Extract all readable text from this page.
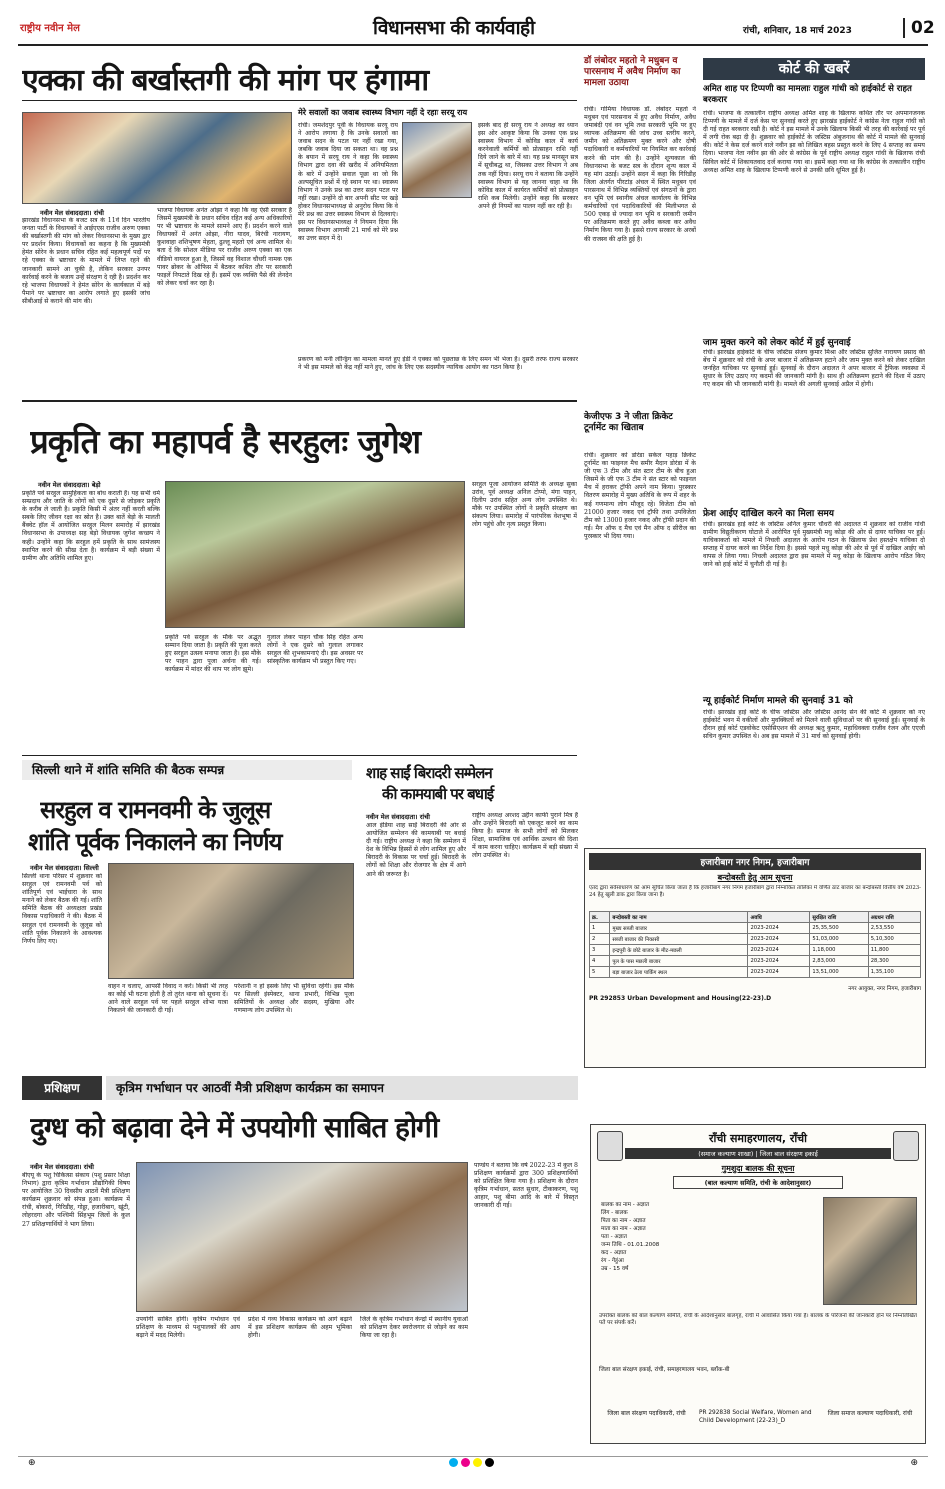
राष्ट्रीय नवीन मेल	विधानसभा की कार्यवाही	रांची, शनिवार, 18 मार्च 2023	02
एक्का की बर्खास्तगी की मांग पर हंगामा
मेरे सवालों का जवाब स्वास्थ्य विभाग नहीं दे रहाः सरयू राय
नवीन मेल संवाददाता। रांची
झारखंड विधानसभा के बजट सत्र के 11वें दिन भारतीय जनता पार्टी के विधायकों ने आईएएस राजीव अरुण एक्का की बर्खास्तगी की मांग को लेकर विधानसभा के मुख्य द्वार पर प्रदर्शन किया। विधायकों का कहना है कि मुख्यमंत्री हेमंत सोरेन के प्रधान सचिव रहित कई महत्वपूर्ण पदों पर रहे एक्का के भ्रष्टाचार के मामले में लिप्त रहने की जानकारी सामने आ चुकी है, लेकिन सरकार उनपर कार्रवाई करने के बजाय उन्हें संरक्षण दे रही है। प्रदर्शन कर रहे भाजपा विधायकों ने हेमंत सोरेन के कार्यकाल में बड़े पैमाने पर भ्रष्टाचार का आरोप लगाते हुए इसकी जांच सीबीआई से कराने की मांग की।
भाजपा विधायक अनंत ओझा ने कहा कि वह ऐसी सरकार है जिसमें मुख्यमंत्री के प्रधान सचिव रहित कई अन्य अधिकारियों पर भी भ्रष्टाचार के मामले सामने आए हैं। प्रदर्शन करने वाले विधायकों में अनंत ओझा, नीरा यादव, बिरंची नारायण, कुशवाहा शशिभूषण मेहता, ढुल्लू महतो एवं अन्य शामिल थे। बता दें कि सोशल मीडिया पर राजीव अरुण एक्का का एक वीडियो वायरल हुआ है, जिसमें वह विशाल चौधरी नामक एक पावर ब्रोकर के ऑफिस में बैठकर कथित तौर पर सरकारी फाइलें निपटाते दिख रहे हैं। इसमें एक व्यक्ति पैसे की लेनदेन को लेकर चर्चा कर रहा है।
रांची। जमशेदपुर पूर्वी के विधायक सरयू राय ने आरोप लगाया है कि उनके सवालों का जवाब सदन के पटल पर नहीं रखा गया, जबकि जवाब दिया जा सकता था। वह प्रश्न के बयान में सरयू राय ने कहा कि स्वास्थ्य विभाग द्वारा दवा की खरीद में अनियमितता के बारे में उन्होंने सवाल पूछा था जो कि अल्पसूचित प्रश्नों में रहे स्थान पर था। स्वास्थ्य विभाग ने उनके प्रश्न का उत्तर सदन पटल पर नहीं रखा। उन्होंने दो बार अपनी सीट पर खड़े होकर विधानसभाध्यक्ष से अनुरोध किया कि वे मेरे प्रश्न का उत्तर स्वास्थ्य विभाग से दिलवाएं। इस पर विधानसभाध्यक्ष ने नियमन दिया कि स्वास्थ्य विभाग आगामी 21 मार्च को मेरे प्रश्न का उत्तर सदन में दे।
इसके बाद ही सरयू राय ने अध्यक्ष का ध्यान इस ओर आकृष्ट किया कि उनका एक प्रश्न स्वास्थ्य विभाग में कोविड काल में कार्य करनेवाली कर्मियों को प्रोत्साहन राशि नहीं दिये जाने के बारे में था। यह प्रश्न मानसून सत्र में सूचीबद्ध था, जिसका उत्तर विभाग ने अब तक नहीं दिया। सरयू राय ने बताया कि उन्होंने स्वास्थ्य विभाग से यह जानना चाहा था कि कोविड काल में कार्यरत कर्मियों को प्रोत्साहन राशि कब मिलेगी। उन्होंने कहा कि सरकार अपने ही नियमों का पालन नहीं कर रही है।
प्रकरण को मनी लॉन्ड्रिंग का मामला मानते हुए ईडी ने एक्का को पूछताछ के लिए समन भी भेजा है। दूसरी तरफ राज्य सरकार ने भी इस मामले को केंद्र नहीं माने हुए, जांच के लिए एक सदस्यीय न्यायिक आयोग का गठन किया है।
डॉ लंबोदर महतो ने मधुबन व पारसनाथ में अवैध निर्माण का मामला उठाया
रांची। गोमिया विधायक डॉ. लंबोदर महतो ने मधुबन एवं पारसनाथ में हुए अवैध निर्माण, अवैध जमाबंदी एवं वन भूमि तथा सरकारी भूमि पर हुए व्यापक अतिक्रमण की जांच उच्च स्तरीय करने, जमीन को अतिक्रमण मुक्त करने और दोषी पदाधिकारी व कर्मचारियों पर नियमित कर कार्रवाई करने की मांग की है। उन्होंने शून्यकाल की विधानसभा के बजट सत्र के दौरान शून्य काल में यह मांग उठाई। उन्होंने सदन में कहा कि गिरिडीह जिला अंतर्गत पीरटांड़ अंचल में स्थित मधुबन एवं पारसनाथ में विभिन्न व्यक्तियों एवं संगठनों के द्वारा वन भूमि एवं स्थानीय अंचल कार्यालय के विभिन्न कर्मचारियों एवं पदाधिकारियों की मिलीभगत से 500 एकड़ से ज्यादा वन भूमि व सरकारी जमीन पर अतिक्रमण करते हुए अवैध कब्जा कर अवैध निर्माण किया गया है। इससे राज्य सरकार के अरबों की राजस्व की क्षति हुई है।
कोर्ट की खबरें
अमित शाह पर टिप्पणी का मामलाः राहुल गांधी को हाईकोर्ट से राहत बरकरार
रांची। भाजपा के तत्कालीन राष्ट्रीय अध्यक्ष अमित शाह के खिलाफ कथित तौर पर अपमानजनक टिप्पणी के मामले में दर्ज केस पर सुनवाई करते हुए झारखंड हाईकोर्ट ने कांग्रेस नेता राहुल गांधी को दी गई राहत बरकरार रखी है। कोर्ट ने इस मामले में उनके खिलाफ किसी भी तरह की कार्रवाई पर पूर्व में लगी रोक बढ़ा दी है। शुक्रवार को हाईकोर्ट के जस्टिस अंबुजनाथ की कोर्ट में मामले की सुनवाई की। कोर्ट ने केस दर्ज करने वाले नवीन झा को लिखित बहस प्रस्तुत करने के लिए 4 सप्ताह का समय दिया। भाजपा नेता नवीन झा की ओर से कांग्रेस के पूर्व राष्ट्रीय अध्यक्ष राहुल गांधी के खिलाफ रांची सिविल कोर्ट में शिकायतवाद दर्ज कराया गया था। इसमें कहा गया था कि कांग्रेस के तत्कालीन राष्ट्रीय अध्यक्ष अमित शाह के खिलाफ टिप्पणी करने से उनकी छवि धूमिल हुई है।
जाम मुक्त करने को लेकर कोर्ट में हुई सुनवाई
रांची। झारखंड हाईकोर्ट के चीफ जस्टिस संजय कुमार मिश्रा और जस्टिस सुजित नारायण प्रसाद की बेंच में शुक्रवार को रांची के अपर बाजार में अतिक्रमण हटाने और जाम मुक्त करने को लेकर दाखिल जनहित याचिका पर सुनवाई हुई। सुनवाई के दौरान अदालत ने अपर बाजार में ट्रैफिक व्यवस्था में सुधार के लिए उठाए गए कदमों की जानकारी मांगी है। साथ ही अतिक्रमण हटाने की दिशा में उठाए गए कदम की भी जानकारी मांगी है। मामले की अगली सुनवाई अप्रैल में होगी।
फ्रेश आईए दाखिल करने का मिला समय
रांची। झारखंड हाई कोर्ट के जस्टिस अनिल कुमार चौधरी की अदालत में शुक्रवार को राजीव गांधी ग्रामीण विद्युतीकरण घोटाले में आरोपित पूर्व मुख्यमंत्री मधु कोड़ा की ओर से दायर याचिका पर हुई। याचिकाकर्ता को मामले में निचली अदालत के आरोप गठन के खिलाफ प्रेश हस्तक्षेप याचिका दो सप्ताह में दायर करने का निर्देश दिया है। इससे पहले मधु कोड़ा की ओर से पूर्व में दाखिल आईए को वापस ले लिया गया। निचली अदालत द्वारा इस मामले में मधु कोड़ा के खिलाफ आरोप गठित किए जाने को हाई कोर्ट में चुनौती दी गई है।
न्यू हाईकोर्ट निर्माण मामले की सुनवाई 31 को
रांची। झारखंड हाई कोर्ट के चीफ जस्टिस और जस्टिस आनंद सेन की कोर्ट में शुक्रवार को नए हाईकोर्ट भवन में वकीलों और मुवक्किलों को मिलने वाली सुविधाओं पर की सुनवाई हुई। सुनवाई के दौरान हाई कोर्ट एडवोकेट एसोसिएशन की अध्यक्ष ऋतु कुमार, महाधिवक्ता राजीव रंजन और एएजी सचिन कुमार उपस्थित थे। अब इस मामले में 31 मार्च को सुनवाई होगी।
प्रकृति का महापर्व है सरहुलः जुगेश
नवीन मेल संवाददाता। बेड़ो
प्रकृति पर्व सरहुल सामुहिकता का बोध कराती है। यह सभी धर्म सम्प्रदाय और जाति के लोगों को एक दूसरे से जोड़कर प्रकृति के करीब ले जाती है। प्रकृति किसी में अंतर नहीं करती बल्कि सबके लिए जीवन रक्षा का स्रोत है। उक्त बातें बेड़ो के मालती बैंक्वेट हॉल में आयोजित सरहुल मिलन समारोह में झारखंड विधानसभा के उपाध्यक्ष सह बेड़ो विधायक जुगेश कच्छप ने कही। उन्होंने कहा कि सरहुल हमें प्रकृति के साथ सामंजस्य स्थापित करने की सीख देता है। कार्यक्रम में बड़ी संख्या में ग्रामीण और अतिथि शामिल हुए।
प्रकृति पर्व सरहुल के मौके पर अद्भुत सम्मान दिया जाता है। प्रकृति की पूजा करते हुए सरहुल उत्सव मनाया जाता है। इस मौके पर पाहन द्वारा पूजा अर्चना की गई। कार्यक्रम में मांदर की थाप पर लोग झूमे।
गुलाल लेकर पाहन चौक सिंह रहित अन्य लोगों ने एक दूसरे को गुलाल लगाकर सरहुल की शुभकामनाएं दी। इस अवसर पर सांस्कृतिक कार्यक्रम भी प्रस्तुत किए गए।
सरहुल पूजा आयोजन समिति के अध्यक्ष सुका उरांव, पूर्व अध्यक्ष अनिल टोप्पो, मंगा पाहन, दिलीप उरांव सहित अन्य लोग उपस्थित थे। मौके पर उपस्थित लोगों ने प्रकृति संरक्षण का संकल्प लिया। समारोह में पारंपरिक वेशभूषा में लोग पहुंचे और नृत्य प्रस्तुत किया।
केजीएफ 3 ने जीता क्रिकेट टूर्नामेंट का खिताब
रांची। शुक्रवार को डोरंडा सर्कल पहाड़ क्रिकेट टूर्नामेंट का फाइनल मैच समीर मैदान डोरंडा में के जी एफ 3 टीम और संत स्टार टीम के बीच हुआ जिसमें के जी एफ 3 टीम ने संत स्टार को फाइनल मैच में हराकर ट्रॉफी अपने नाम किया। पुरस्कार वितरण समारोह में मुख्य अतिथि के रूप में शहर के कई गणमान्य लोग मौजूद रहे। विजेता टीम को 21000 हजार नकद एवं ट्रॉफी तथा उपविजेता टीम को 13000 हजार नकद और ट्रॉफी प्रदान की गई। मैन ऑफ द मैच एवं मैन ऑफ द सीरीज का पुरस्कार भी दिया गया।
सिल्ली थाने में शांति समिति की बैठक सम्पन्न
सरहुल व रामनवमी के जुलूस
शांति पूर्वक निकालने का निर्णय
नवीन मेल संवाददाता। सिल्ली
सिल्ली थाना परिसर में शुक्रवार को सरहुल एवं रामनवमी पर्व को शांतिपूर्ण एवं भाईचारा के साथ मनाने को लेकर बैठक की गई। शांति समिति बैठक की अध्यक्षता प्रखंड विकास पदाधिकारी ने की। बैठक में सरहुल एवं रामनवमी के जुलूस को शांति पूर्वक निकालने के आवश्यक निर्णय लिए गए।
वाहन न चलाए, आपसी विवाद न करें। किसी भी तरह का कोई भी घटना होती है तो तुरंत थाना को सूचना दें। आने वाले सरहुल पर्व पर पहले सरहुल शोभा यात्रा निकलने की जानकारी दी गई।
परेशानी न हो इसके लिए भी सुविधा रहेगी। इस मौके पर सिल्ली इंस्पेक्टर, थाना प्रभारी, विभिन्न पूजा समितियों के अध्यक्ष और सदस्य, मुखिया और गणमान्य लोग उपस्थित थे।
शाह साईं बिरादरी सम्मेलन
की कामयाबी पर बधाई
नवीन मेल संवाददाता। रांची
आल इंडिया शाह साईं बिरादरी की ओर से आयोजित सम्मेलन की कामयाबी पर बधाई दी गई। राष्ट्रीय अध्यक्ष ने कहा कि सम्मेलन में देश के विभिन्न हिस्सों से लोग शामिल हुए और बिरादरी के विकास पर चर्चा हुई। बिरादरी के लोगों को शिक्षा और रोजगार के क्षेत्र में आगे आने की जरूरत है।
राष्ट्रीय अध्यक्ष अरशद उद्दीन काफी पुराने मित्र हैं और उन्होंने बिरादरी को एकजुट करने का काम किया है। समाज के सभी लोगों को मिलकर शिक्षा, सामाजिक एवं आर्थिक उत्थान की दिशा में काम करना चाहिए। कार्यक्रम में बड़ी संख्या में लोग उपस्थित थे।
हजारीबाग नगर निगम, हजारीबाग
बन्दोबस्ती हेतु आम सूचना
एतद द्वारा सर्वसाधारण को आम सूचित किया जाता है कि हजारीबाग नगर निगम हजारीबाग द्वारा निम्नांकित तालिका में वर्णित ठाट बाजार का बन्दोबस्ती वित्तीय वर्ष 2023-24 हेतु खुली डाक द्वारा किया जाना है।
क्र.	बन्दोबस्ती का नाम	अवधि	सुरक्षित राशि	अग्रधन राशि
1	मुख्य सब्जी बाजार	2023-2024	25,35,500	2,53,550
2	सब्जी बाजार की निकासी	2023-2024	51,03,000	5,10,300
3	इन्द्रपुरी के छोटे बाजार के मीट-मछली	2023-2024	1,18,000	11,800
4	पुल के पास मछली बाजार	2023-2024	2,83,000	28,300
5	बड़ा बाजार ठेला पार्किंग स्थल	2023-2024	13,51,000	1,35,100
नगर आयुक्त, नगर निगम, हजारीबाग
PR 292853 Urban Development and Housing(22-23).D
प्रशिक्षण	कृत्रिम गर्भाधान पर आठवीं मैत्री प्रशिक्षण कार्यक्रम का समापन
दुग्ध को बढ़ावा देने में उपयोगी साबित होगी
नवीन मेल संवाददाता। रांची
बीएयू के पशु चिकित्सा संकाय (पशु प्रसार शिक्षा निभाग) द्वारा कृत्रिम गर्भाधान प्रौद्योगिकी विषय पर आयोजित 30 दिवसीय आठवें मैत्री प्रशिक्षण कार्यक्रम शुक्रवार को संपन्न हुआ। कार्यक्रम में रांची, बोकारो, गिरिडीह, गोड्डा, हजारीबाग, खूंटी, लोहरदगा और पश्चिमी सिंहभूम जिलों के कुल 27 प्रशिक्षणार्थियों ने भाग लिया।
उपयोगी साबित होगी। कृत्रिम गर्भाधान एवं प्रशिक्षण के माध्यम से पशुपालकों की आय बढ़ाने में मदद मिलेगी।
प्रदेश में गव्य विकास कार्यक्रम को आगे बढ़ाने में इस प्रशिक्षण कार्यक्रम की अहम भूमिका होगी।
जिले के कृत्रिम गर्भाधान केन्द्रों में स्थानीय युवाओं को प्रशिक्षण देकर स्वरोजगार से जोड़ने का काम किया जा रहा है।
पाण्डेय ने बताया कि वर्ष 2022-23 में कुल 8 प्रशिक्षण कार्यक्रमों द्वारा 300 प्रशिक्षणार्थियों को प्रशिक्षित किया गया है। प्रशिक्षण के दौरान कृत्रिम गर्भाधान, सतत सुधार, टीकाकरण, पशु आहार, पशु बीमा आदि के बारे में विस्तृत जानकारी दी गई।
राँची समाहरणालय, राँची
(समाज कल्याण शाखा) | जिला बाल संरक्षण इकाई
गुमशुदा बालक की सूचना
(बाल कल्याण समिति, रांची के आदेशानुसार)
बालक का नाम - अज्ञात
लिंग - बालक
पिता का नाम - अज्ञात
माता का नाम - अज्ञात
पता - अज्ञात
जन्म तिथि - 01.01.2008
कद - अज्ञात
रंग - गेहुंआ
उम्र - 15 वर्ष
उपरोक्त बालक को बाल कल्याण समिति, रांची के आदेशानुसार बालगृह, रांची में आवासित किया गया है। बालक के परिजनों की जानकारी होने पर निम्नलिखित पते पर संपर्क करें।
जिला बाल संरक्षण इकाई, रांची, समाहरणालय भवन, ब्लॉक-बी
जिला बाल संरक्षण पदाधिकारी, रांची	PR 292838 Social Welfare, Women and Child Development (22-23)_D
जिला समाज कल्याण पदाधिकारी, रांची
⊕	⊕
